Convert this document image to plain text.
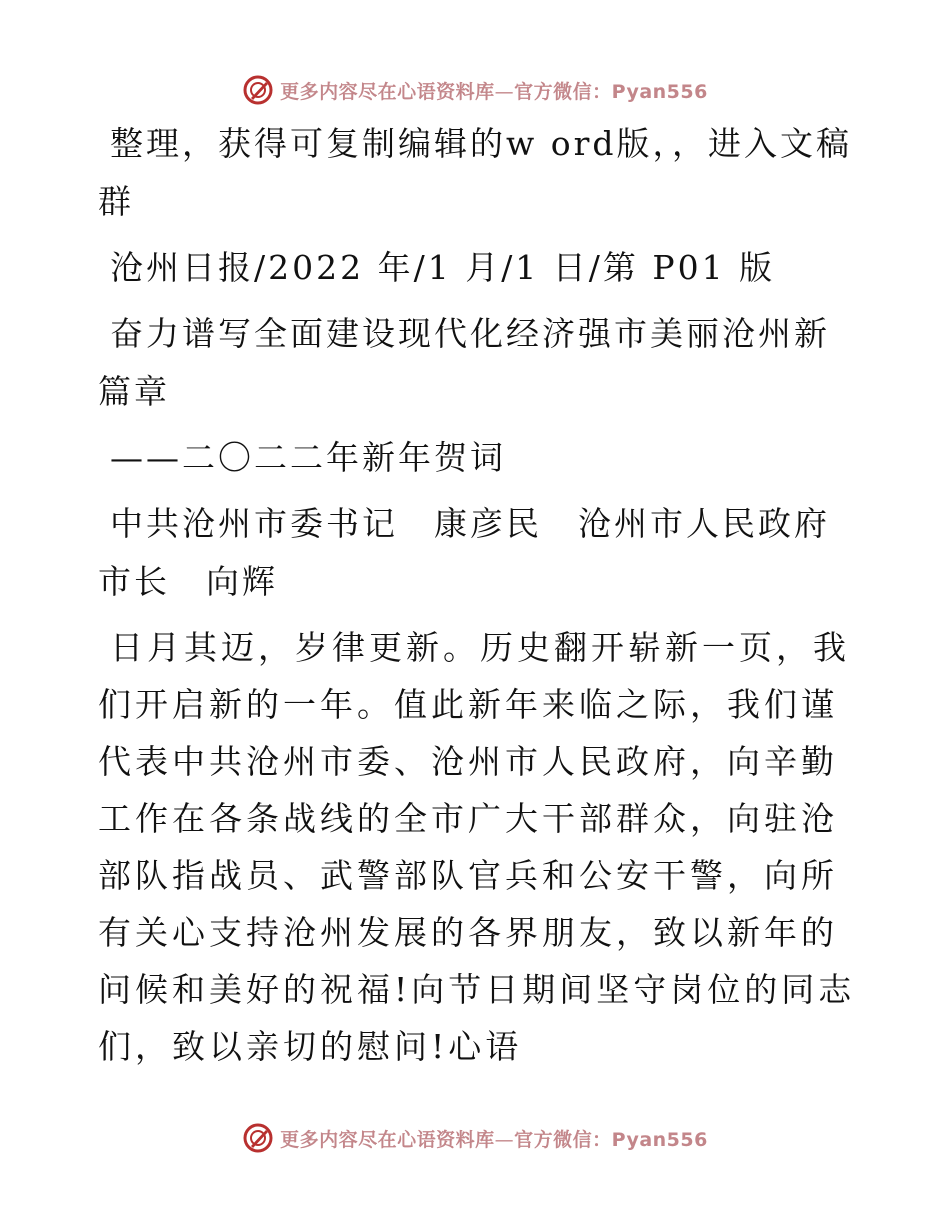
更多内容尽在心语资料库—官方微信：Pyan556

整理，获得可复制编辑的w ord版，，进入文稿群

沧州日报/2022 年/1 月/1 日/第 P01 版

奋力谱写全面建设现代化经济强市美丽沧州新篇章

——二〇二二年新年贺词

中共沧州市委书记　康彦民　沧州市人民政府市长　向辉

日月其迈，岁律更新。历史翻开崭新一页，我们开启新的一年。值此新年来临之际，我们谨代表中共沧州市委、沧州市人民政府，向辛勤工作在各条战线的全市广大干部群众，向驻沧部队指战员、武警部队官兵和公安干警，向所有关心支持沧州发展的各界朋友，致以新年的问候和美好的祝福!向节日期间坚守岗位的同志们，致以亲切的慰问!心语

更多内容尽在心语资料库—官方微信：Pyan556
